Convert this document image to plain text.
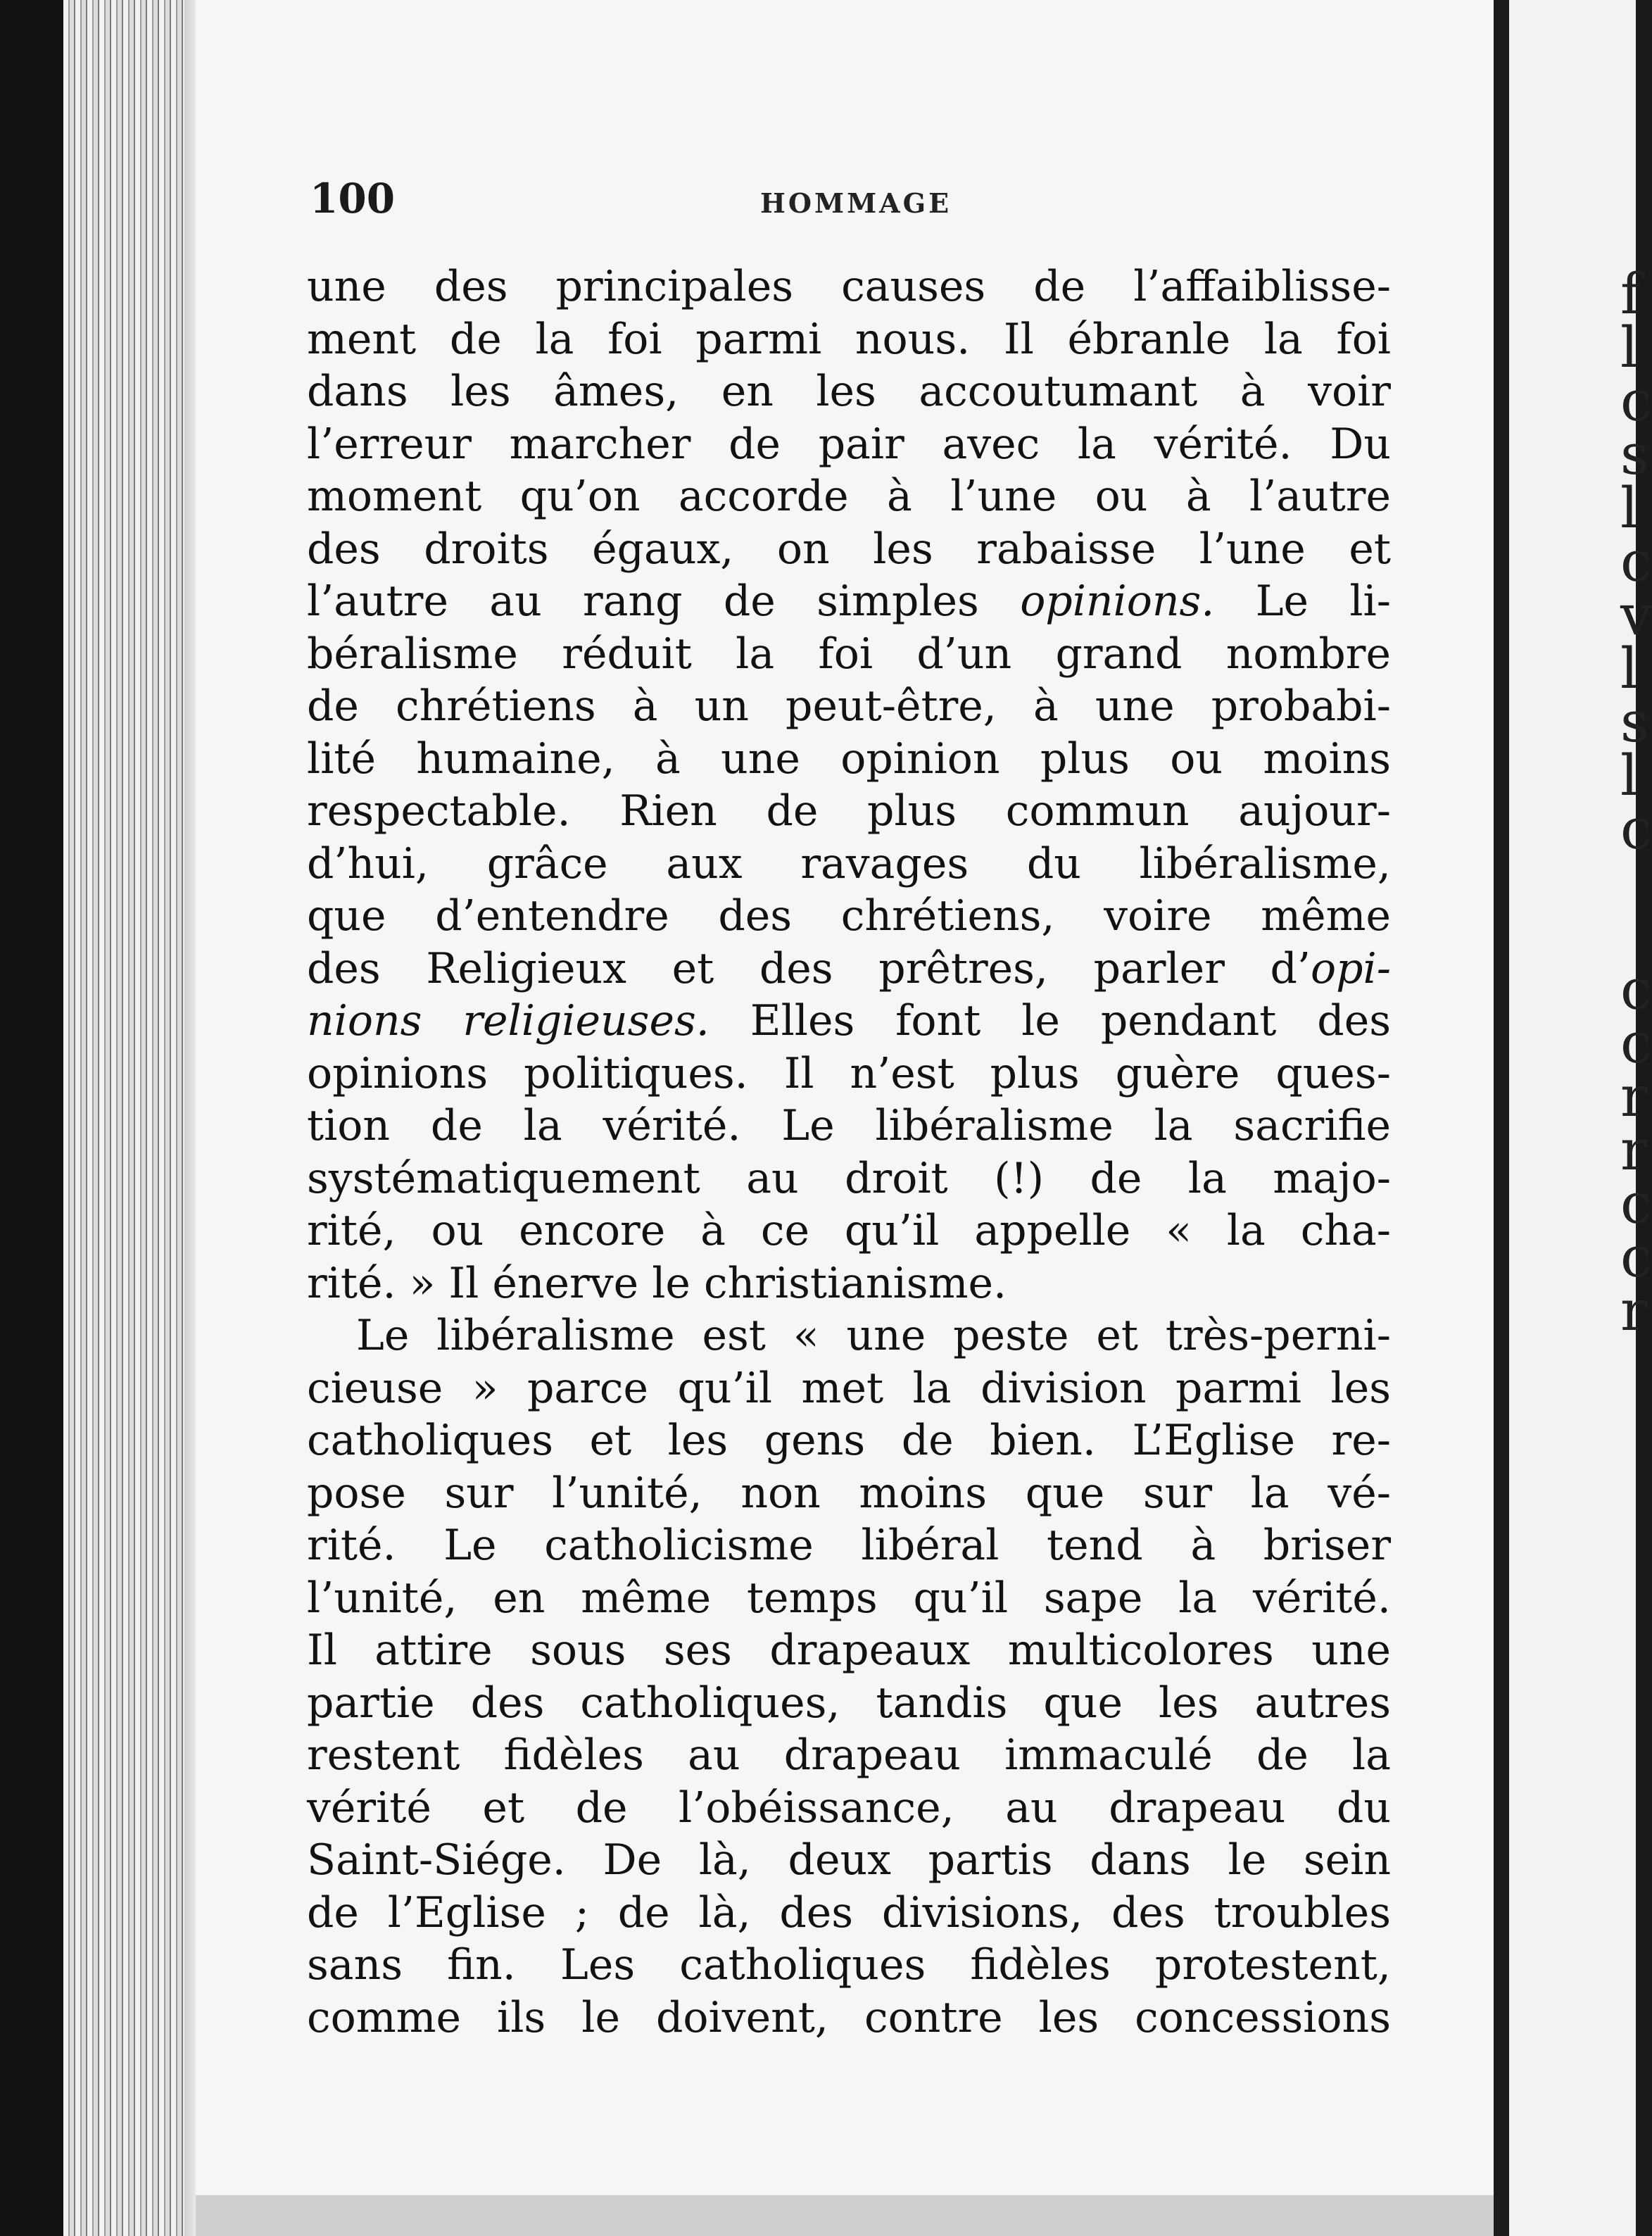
f
l
c
s
l
c
v
l
s
l
c

c
c
r
r
c
c
r
100	HOMMAGE
une des principales causes de l’affaiblisse-
ment de la foi parmi nous. Il ébranle la foi
dans les âmes, en les accoutumant à voir
l’erreur marcher de pair avec la vérité. Du
moment qu’on accorde à l’une ou à l’autre
des droits égaux, on les rabaisse l’une et
l’autre au rang de simples opinions. Le li-
béralisme réduit la foi d’un grand nombre
de chrétiens à un peut-être, à une probabi-
lité humaine, à une opinion plus ou moins
respectable. Rien de plus commun aujour-
d’hui, grâce aux ravages du libéralisme,
que d’entendre des chrétiens, voire même
des Religieux et des prêtres, parler d’opi-
nions religieuses. Elles font le pendant des
opinions politiques. Il n’est plus guère ques-
tion de la vérité. Le libéralisme la sacrifie
systématiquement au droit (!) de la majo-
rité, ou encore à ce qu’il appelle « la cha-
rité. » Il énerve le christianisme.
Le libéralisme est « une peste et très-perni-
cieuse » parce qu’il met la division parmi les
catholiques et les gens de bien. L’Eglise re-
pose sur l’unité, non moins que sur la vé-
rité. Le catholicisme libéral tend à briser
l’unité, en même temps qu’il sape la vérité.
Il attire sous ses drapeaux multicolores une
partie des catholiques, tandis que les autres
restent fidèles au drapeau immaculé de la
vérité et de l’obéissance, au drapeau du
Saint-Siége. De là, deux partis dans le sein
de l’Eglise ; de là, des divisions, des troubles
sans fin. Les catholiques fidèles protestent,
comme ils le doivent, contre les concessions
